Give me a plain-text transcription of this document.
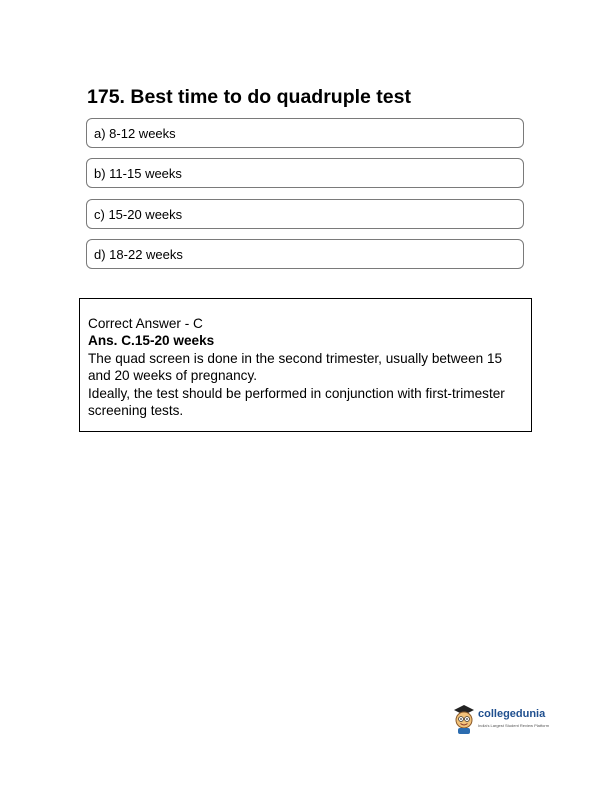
175. Best time to do quadruple test
a) 8-12 weeks
b) 11-15 weeks
c) 15-20 weeks
d) 18-22 weeks

Correct Answer - C

Ans. C.15-20 weeks

The quad screen is done in the second trimester, usually between 15 and 20 weeks of pregnancy.

Ideally, the test should be performed in conjunction with first-trimester screening tests.

collegedunia
India's Largest Student Review Platform
